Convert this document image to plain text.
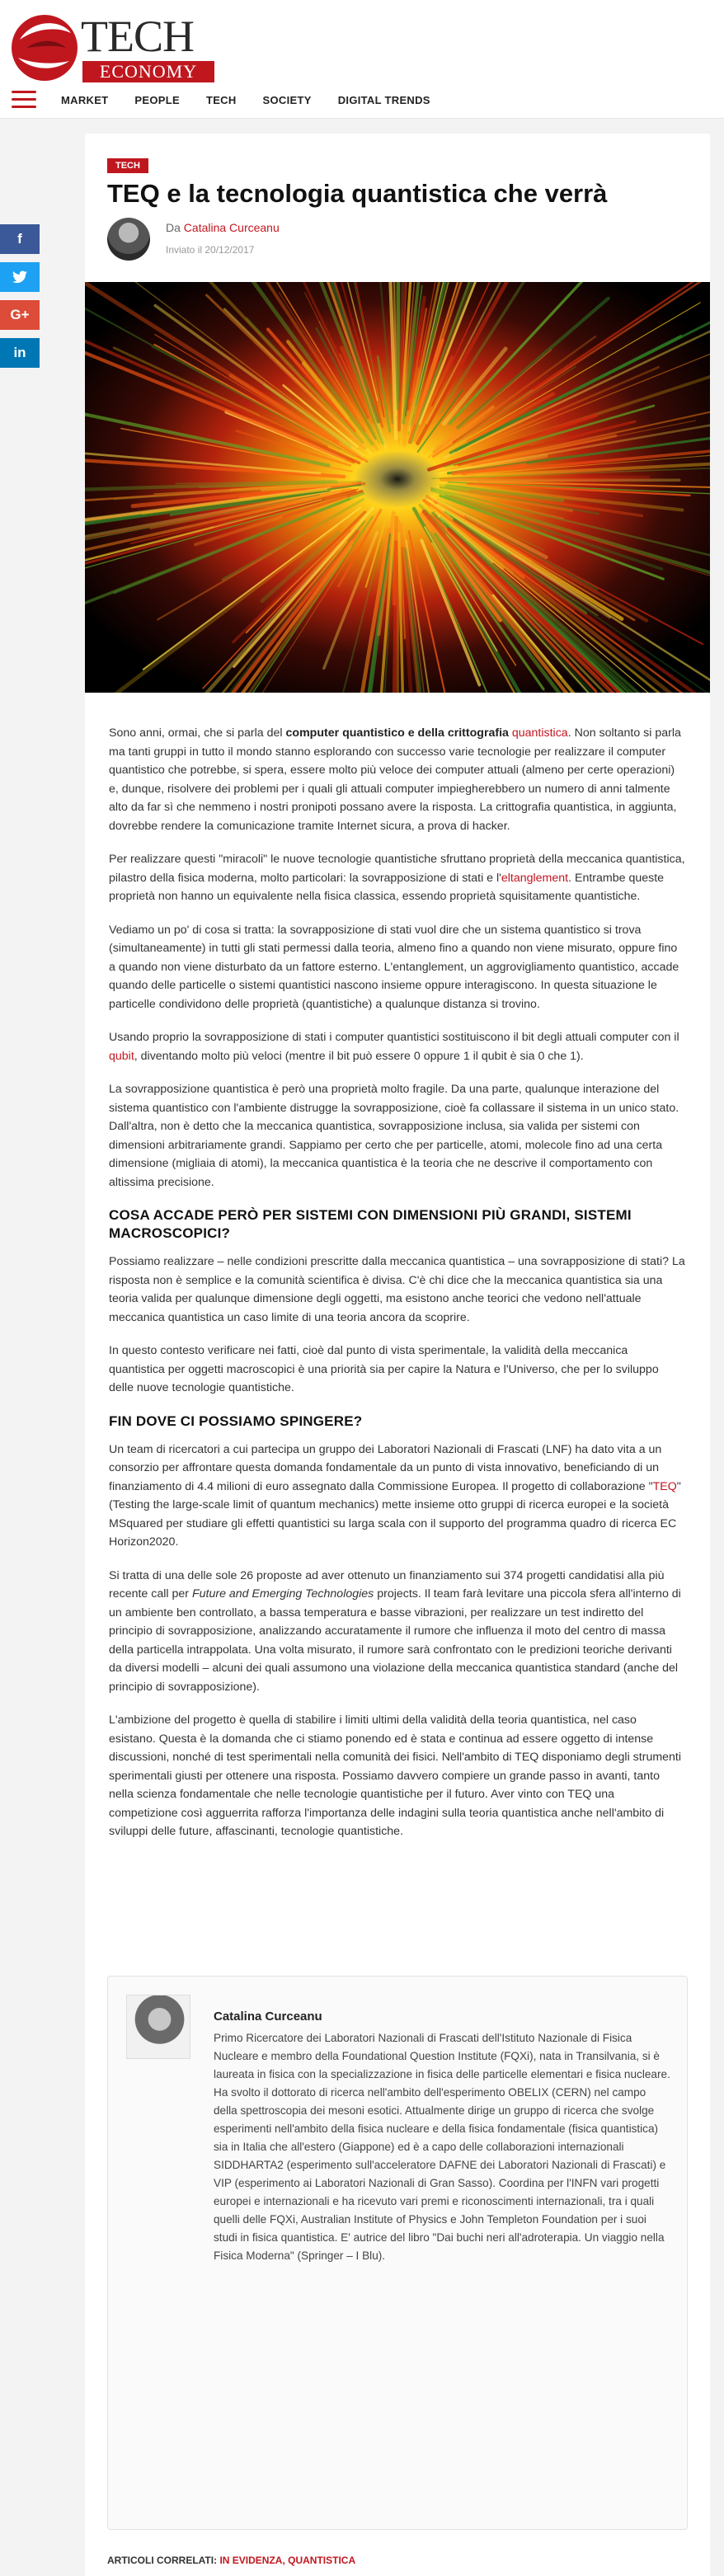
TECH
ECONOMY
MARKET PEOPLE TECH SOCIETY DIGITAL TRENDS
f
G+
in
TECH
TEQ e la tecnologia quantistica che verrà
Da Catalina Curceanu
Inviato il 20/12/2017

Sono anni, ormai, che si parla del computer quantistico e della crittografia quantistica. Non soltanto si parla ma tanti gruppi in tutto il mondo stanno esplorando con successo varie tecnologie per realizzare il computer quantistico che potrebbe, si spera, essere molto più veloce dei computer attuali (almeno per certe operazioni) e, dunque, risolvere dei problemi per i quali gli attuali computer impiegherebbero un numero di anni talmente alto da far sì che nemmeno i nostri pronipoti possano avere la risposta. La crittografia quantistica, in aggiunta, dovrebbe rendere la comunicazione tramite Internet sicura, a prova di hacker.

Per realizzare questi "miracoli" le nuove tecnologie quantistiche sfruttano proprietà della meccanica quantistica, pilastro della fisica moderna, molto particolari: la sovrapposizione di stati e l'eltanglement. Entrambe queste proprietà non hanno un equivalente nella fisica classica, essendo proprietà squisitamente quantistiche.

Vediamo un po' di cosa si tratta: la sovrapposizione di stati vuol dire che un sistema quantistico si trova (simultaneamente) in tutti gli stati permessi dalla teoria, almeno fino a quando non viene misurato, oppure fino a quando non viene disturbato da un fattore esterno. L'entanglement, un aggrovigliamento quantistico, accade quando delle particelle o sistemi quantistici nascono insieme oppure interagiscono. In questa situazione le particelle condividono delle proprietà (quantistiche) a qualunque distanza si trovino.

Usando proprio la sovrapposizione di stati i computer quantistici sostituiscono il bit degli attuali computer con il qubit, diventando molto più veloci (mentre il bit può essere 0 oppure 1 il qubit è sia 0 che 1).

La sovrapposizione quantistica è però una proprietà molto fragile. Da una parte, qualunque interazione del sistema quantistico con l'ambiente distrugge la sovrapposizione, cioè fa collassare il sistema in un unico stato. Dall'altra, non è detto che la meccanica quantistica, sovrapposizione inclusa, sia valida per sistemi con dimensioni arbitrariamente grandi. Sappiamo per certo che per particelle, atomi, molecole fino ad una certa dimensione (migliaia di atomi), la meccanica quantistica è la teoria che ne descrive il comportamento con altissima precisione.

COSA ACCADE PERÒ PER SISTEMI CON DIMENSIONI PIÙ GRANDI, SISTEMI MACROSCOPICI?

Possiamo realizzare – nelle condizioni prescritte dalla meccanica quantistica – una sovrapposizione di stati? La risposta non è semplice e la comunità scientifica è divisa. C'è chi dice che la meccanica quantistica sia una teoria valida per qualunque dimensione degli oggetti, ma esistono anche teorici che vedono nell'attuale meccanica quantistica un caso limite di una teoria ancora da scoprire.

In questo contesto verificare nei fatti, cioè dal punto di vista sperimentale, la validità della meccanica quantistica per oggetti macroscopici è una priorità sia per capire la Natura e l'Universo, che per lo sviluppo delle nuove tecnologie quantistiche.

FIN DOVE CI POSSIAMO SPINGERE?

Un team di ricercatori a cui partecipa un gruppo dei Laboratori Nazionali di Frascati (LNF) ha dato vita a un consorzio per affrontare questa domanda fondamentale da un punto di vista innovativo, beneficiando di un finanziamento di 4.4 milioni di euro assegnato dalla Commissione Europea. Il progetto di collaborazione "TEQ" (Testing the large-scale limit of quantum mechanics) mette insieme otto gruppi di ricerca europei e la società MSquared per studiare gli effetti quantistici su larga scala con il supporto del programma quadro di ricerca EC Horizon2020.

Si tratta di una delle sole 26 proposte ad aver ottenuto un finanziamento sui 374 progetti candidatisi alla più recente call per Future and Emerging Technologies projects. Il team farà levitare una piccola sfera all'interno di un ambiente ben controllato, a bassa temperatura e basse vibrazioni, per realizzare un test indiretto del principio di sovrapposizione, analizzando accuratamente il rumore che influenza il moto del centro di massa della particella intrappolata. Una volta misurato, il rumore sarà confrontato con le predizioni teoriche derivanti da diversi modelli – alcuni dei quali assumono una violazione della meccanica quantistica standard (anche del principio di sovrapposizione).

L'ambizione del progetto è quella di stabilire i limiti ultimi della validità della teoria quantistica, nel caso esistano. Questa è la domanda che ci stiamo ponendo ed è stata e continua ad essere oggetto di intense discussioni, nonché di test sperimentali nella comunità dei fisici. Nell'ambito di TEQ disponiamo degli strumenti sperimentali giusti per ottenere una risposta. Possiamo davvero compiere un grande passo in avanti, tanto nella scienza fondamentale che nelle tecnologie quantistiche per il futuro. Aver vinto con TEQ una competizione così agguerrita rafforza l'importanza delle indagini sulla teoria quantistica anche nell'ambito di sviluppi delle future, affascinanti, tecnologie quantistiche.

Catalina Curceanu
Primo Ricercatore dei Laboratori Nazionali di Frascati dell'Istituto Nazionale di Fisica Nucleare e membro della Foundational Question Institute (FQXi), nata in Transilvania, si è laureata in fisica con la specializzazione in fisica delle particelle elementari e fisica nucleare. Ha svolto il dottorato di ricerca nell'ambito dell'esperimento OBELIX (CERN) nel campo della spettroscopia dei mesoni esotici. Attualmente dirige un gruppo di ricerca che svolge esperimenti nell'ambito della fisica nucleare e della fisica fondamentale (fisica quantistica) sia in Italia che all'estero (Giappone) ed è a capo delle collaborazioni internazionali SIDDHARTA2 (esperimento sull'acceleratore DAFNE dei Laboratori Nazionali di Frascati) e VIP (esperimento ai Laboratori Nazionali di Gran Sasso). Coordina per l'INFN vari progetti europei e internazionali e ha ricevuto vari premi e riconoscimenti internazionali, tra i quali quelli delle FQXi, Australian Institute of Physics e John Templeton Foundation per i suoi studi in fisica quantistica. E' autrice del libro "Dai buchi neri all'adroterapia. Un viaggio nella Fisica Moderna" (Springer – I Blu).
ARTICOLI CORRELATI: IN EVIDENZA, QUANTISTICA
